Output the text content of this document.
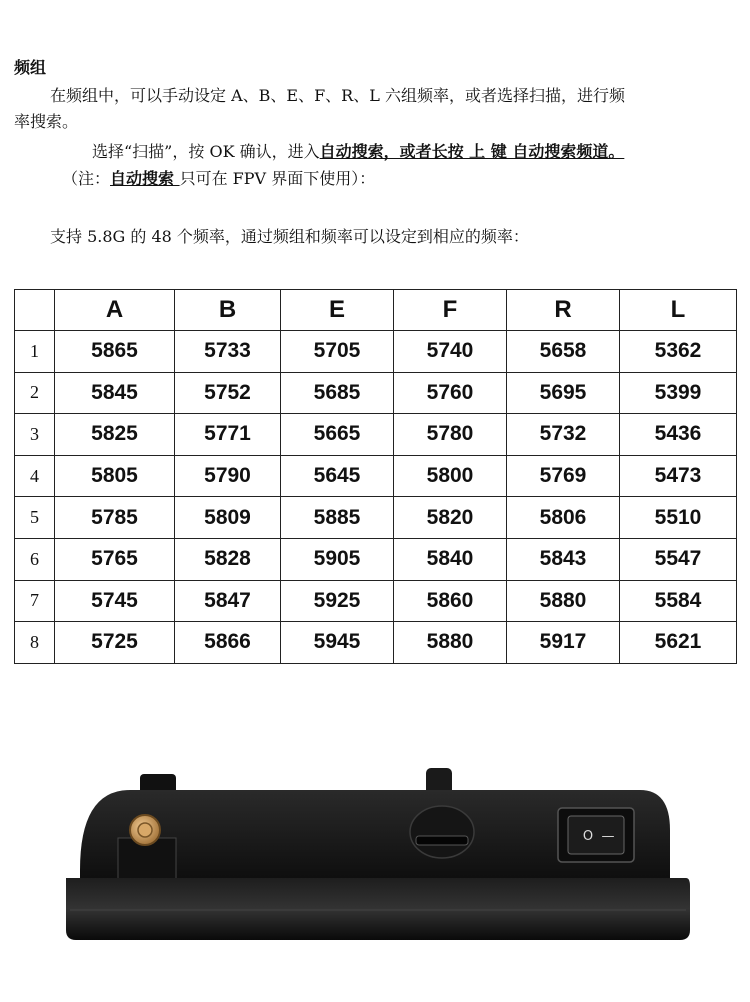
频组
在频组中，可以手动设定 A、B、E、F、R、L 六组频率，或者选择扫描，进行频
率搜索。
选择“扫描”，按 OK 确认，进入自动搜索，或者长按 上 键 自动搜索频道。
（注：自动搜索 只可在 FPV 界面下使用）：
支持 5.8G 的 48 个频率，通过频组和频率可以设定到相应的频率：
	A	B	E	F	R	L
1	5865	5733	5705	5740	5658	5362
2	5845	5752	5685	5760	5695	5399
3	5825	5771	5665	5780	5732	5436
4	5805	5790	5645	5800	5769	5473
5	5785	5809	5885	5820	5806	5510
6	5765	5828	5905	5840	5843	5547
7	5745	5847	5925	5860	5880	5584
8	5725	5866	5945	5880	5917	5621
O —
